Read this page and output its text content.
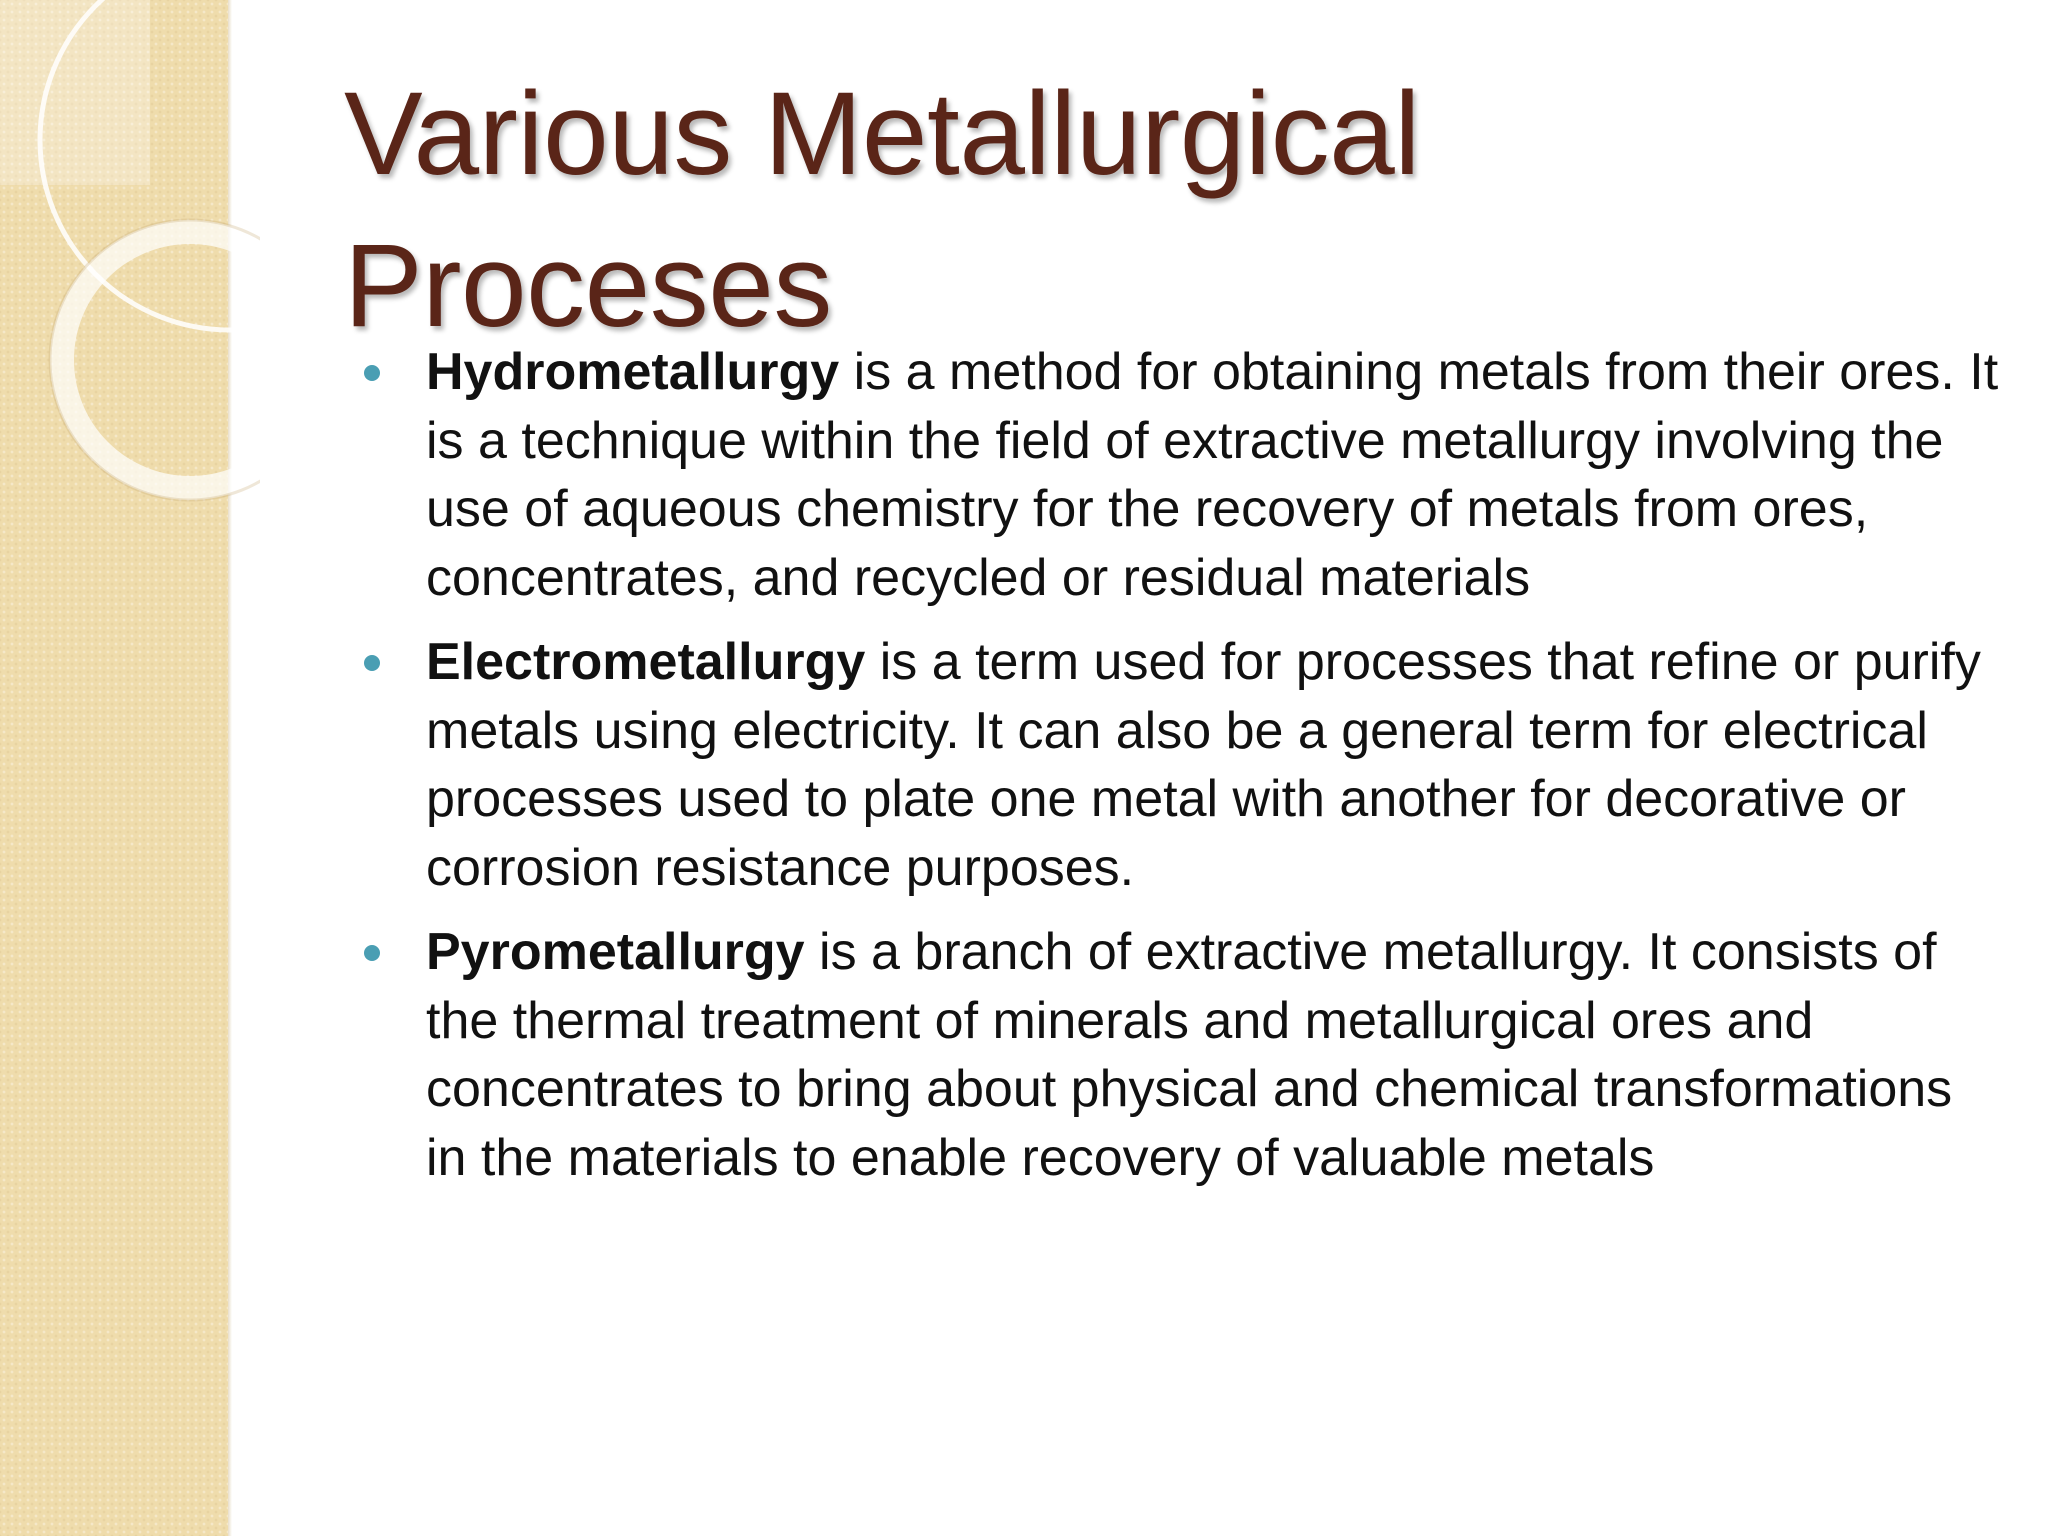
Various Metallurgical Proceses
Hydrometallurgy is a method for obtaining metals from their ores. It is a technique within the field of extractive metallurgy involving the use of aqueous chemistry for the recovery of metals from ores, concentrates, and recycled or residual materials
Electrometallurgy is a term used for processes that refine or purify metals using electricity. It can also be a general term for electrical processes used to plate one metal with another for decorative or corrosion resistance purposes.
Pyrometallurgy is a branch of extractive metallurgy. It consists of the thermal treatment of minerals and metallurgical ores and concentrates to bring about physical and chemical transformations in the materials to enable recovery of valuable metals
